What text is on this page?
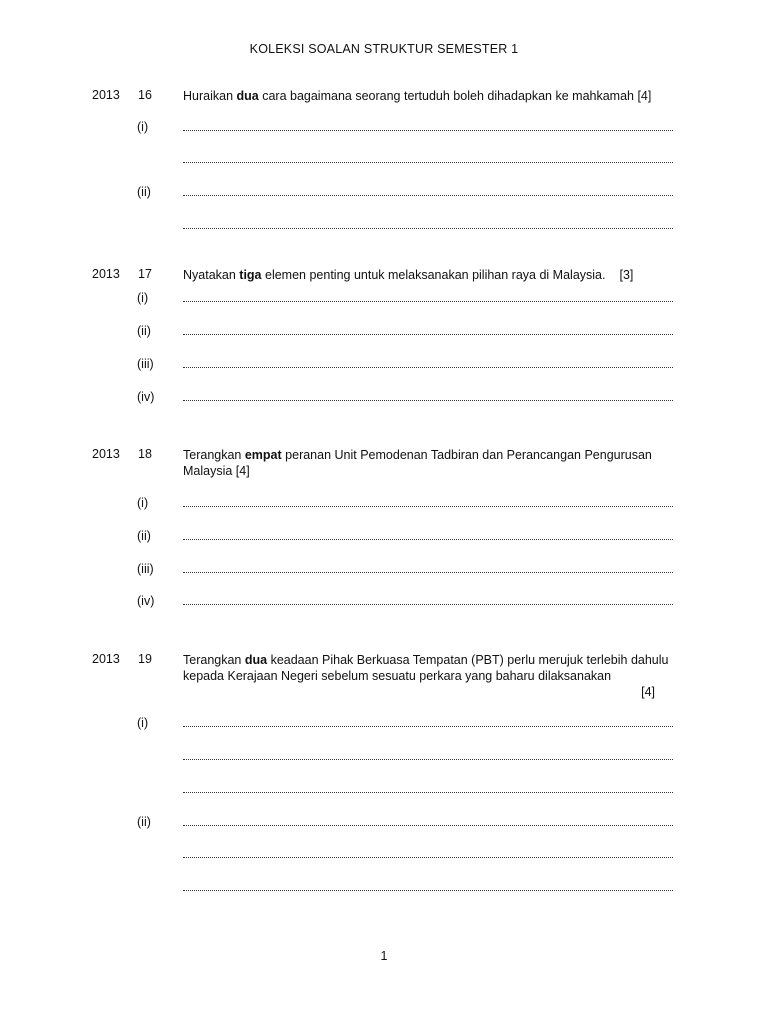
KOLEKSI SOALAN STRUKTUR SEMESTER 1
2013 16 Huraikan dua cara bagaimana seorang tertuduh boleh dihadapkan ke mahkamah [4]
(i)
(ii)
2013 17 Nyatakan tiga elemen penting untuk melaksanakan pilihan raya di Malaysia. [3]
(i)
(ii)
(iii)
(iv)
2013 18 Terangkan empat peranan Unit Pemodenan Tadbiran dan Perancangan Pengurusan Malaysia [4]
(i)
(ii)
(iii)
(iv)
2013 19 Terangkan dua keadaan Pihak Berkuasa Tempatan (PBT) perlu merujuk terlebih dahulu kepada Kerajaan Negeri sebelum sesuatu perkara yang baharu dilaksanakan
[4]
(i)
(ii)
1
